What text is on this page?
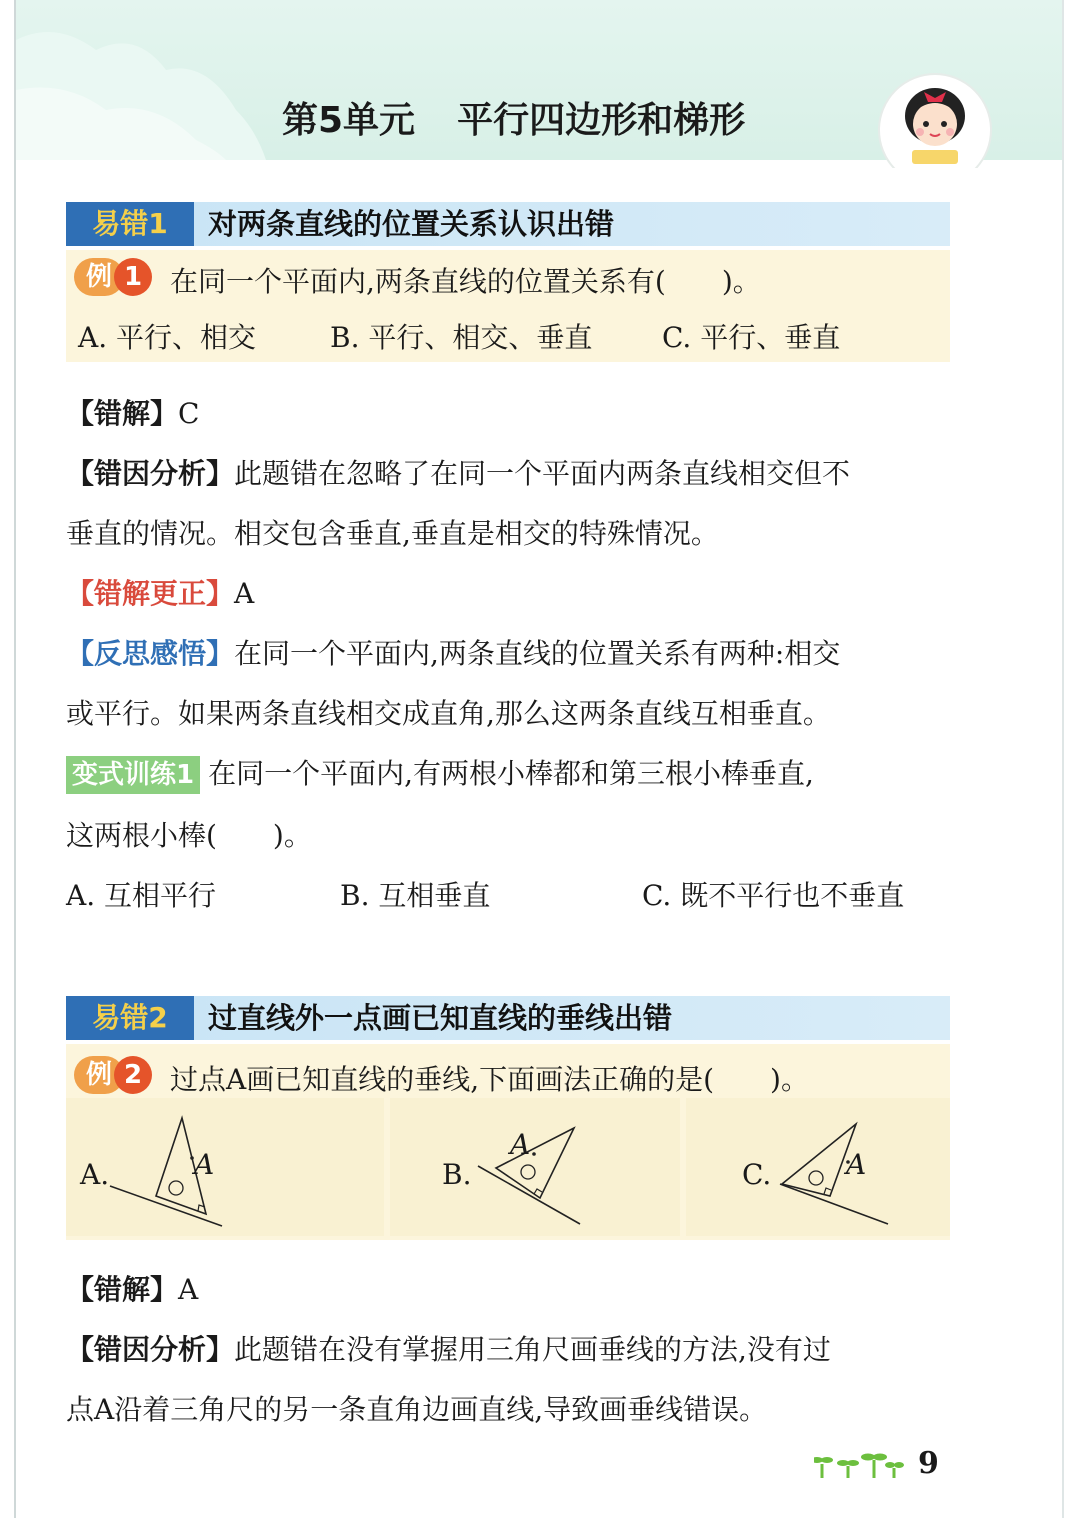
第5单元 平行四边形和梯形
易错1	对两条直线的位置关系认识出错
例 1 在同一个平面内,两条直线的位置关系有(　　)。
A. 平行、相交	B. 平行、相交、垂直 C. 平行、垂直
【错解】C
【错因分析】此题错在忽略了在同一个平面内两条直线相交但不
垂直的情况。相交包含垂直,垂直是相交的特殊情况。
【错解更正】A
【反思感悟】在同一个平面内,两条直线的位置关系有两种:相交
或平行。如果两条直线相交成直角,那么这两条直线互相垂直。
变式训练1 在同一个平面内,有两根小棒都和第三根小棒垂直,
这两根小棒(　　)。
A. 互相平行	B. 互相垂直	C. 既不平行也不垂直
易错2	过直线外一点画已知直线的垂线出错
例 2 过点A画已知直线的垂线,下面画法正确的是(　　)。
A.	A	B.
A
C.	A
【错解】A
【错因分析】此题错在没有掌握用三角尺画垂线的方法,没有过
点A沿着三角尺的另一条直角边画直线,导致画垂线错误。
9
